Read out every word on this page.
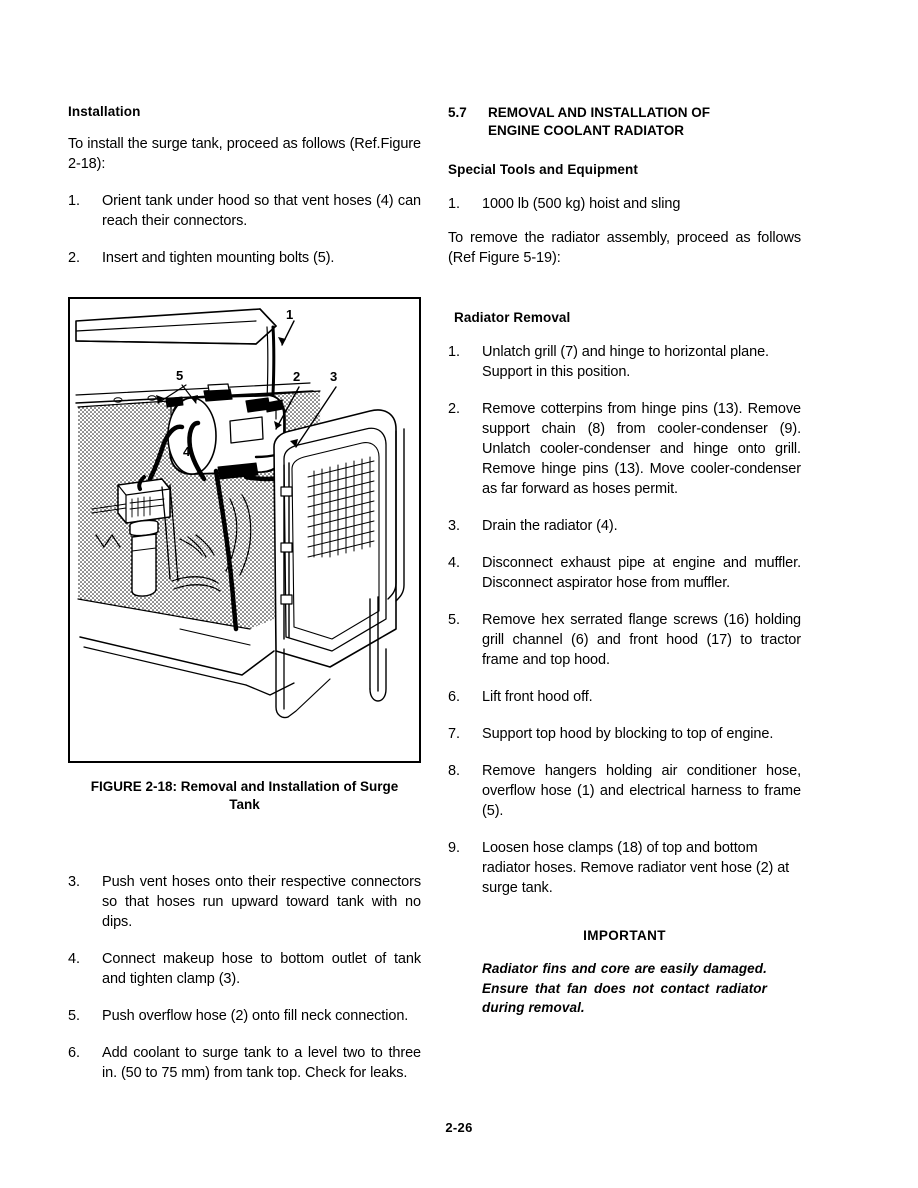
Installation

To install the surge tank, proceed as follows (Ref.Figure 2-18):

1.	Orient tank under hood so that vent hoses (4) can reach their connectors.
2.	Insert and tighten mounting bolts (5).
1
2 3
4
5
FIGURE 2-18: Removal and Installation of Surge
Tank
3.	Push vent hoses onto their respective connectors so that hoses run upward toward tank with no dips.
4.	Connect makeup hose to bottom outlet of tank and tighten clamp (3).
5.	Push overflow hose (2) onto fill neck connection.
6.	Add coolant to surge tank to a level two to three in. (50 to 75 mm) from tank top. Check for leaks.
5.7 REMOVAL AND INSTALLATION OF
ENGINE COOLANT RADIATOR
Special Tools and Equipment
1.	1000 lb (500 kg) hoist and sling

To remove the radiator assembly, proceed as follows (Ref Figure 5-19):

Radiator Removal
1.	Unlatch grill (7) and hinge to horizontal plane. Support in this position.
2.	Remove cotterpins from hinge pins (13). Remove support chain (8) from cooler-condenser (9). Unlatch cooler-condenser and hinge onto grill. Remove hinge pins (13). Move cooler-condenser as far forward as hoses permit.
3.	Drain the radiator (4).
4.	Disconnect exhaust pipe at engine and muffler. Disconnect aspirator hose from muffler.
5.	Remove hex serrated flange screws (16) holding grill channel (6) and front hood (17) to tractor frame and top hood.
6.	Lift front hood off.
7.	Support top hood by blocking to top of engine.
8.	Remove hangers holding air conditioner hose, overflow hose (1) and electrical harness to frame (5).
9.	Loosen hose clamps (18) of top and bottom radiator hoses. Remove radiator vent hose (2) at surge tank.
IMPORTANT
Radiator fins and core are easily damaged. Ensure that fan does not contact radiator during removal.
2-26
